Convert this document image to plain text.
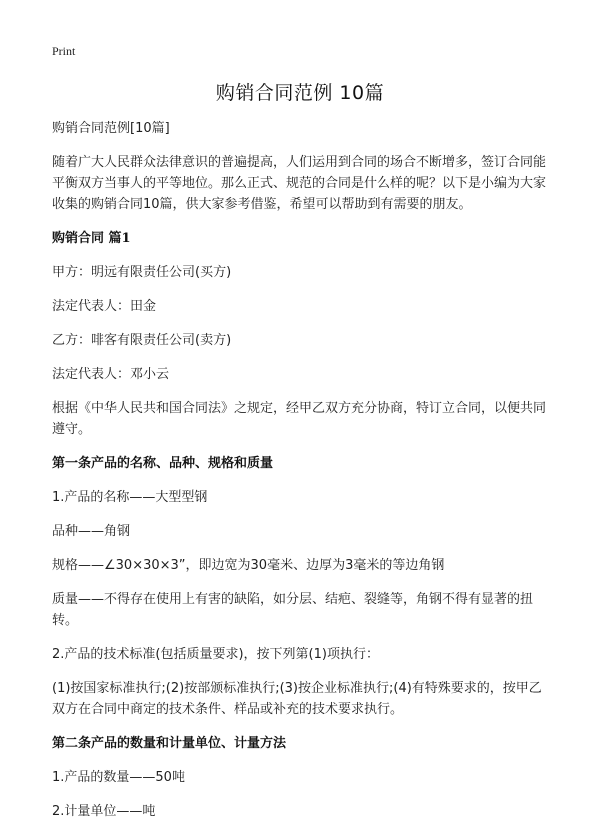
Print
购销合同范例 10篇

购销合同范例[10篇]

随着广大人民群众法律意识的普遍提高，人们运用到合同的场合不断增多，签订合同能平衡双方当事人的平等地位。那么正式、规范的合同是什么样的呢？以下是小编为大家收集的购销合同10篇，供大家参考借鉴，希望可以帮助到有需要的朋友。

购销合同 篇1

甲方：明远有限责任公司(买方)

法定代表人：田金

乙方：啡客有限责任公司(卖方)

法定代表人：邓小云

根据《中华人民共和国合同法》之规定，经甲乙双方充分协商，特订立合同，以便共同遵守。

第一条产品的名称、品种、规格和质量

1.产品的名称——大型型钢

品种——角钢

规格——∠30×30×3”，即边宽为30毫米、边厚为3毫米的等边角钢

质量——不得存在使用上有害的缺陷，如分层、结疤、裂缝等，角钢不得有显著的扭转。

2.产品的技术标准(包括质量要求)，按下列第(1)项执行：

(1)按国家标准执行;(2)按部颁标准执行;(3)按企业标准执行;(4)有特殊要求的，按甲乙双方在合同中商定的技术条件、样品或补充的技术要求执行。

第二条产品的数量和计量单位、计量方法

1.产品的数量——50吨

2.计量单位——吨
